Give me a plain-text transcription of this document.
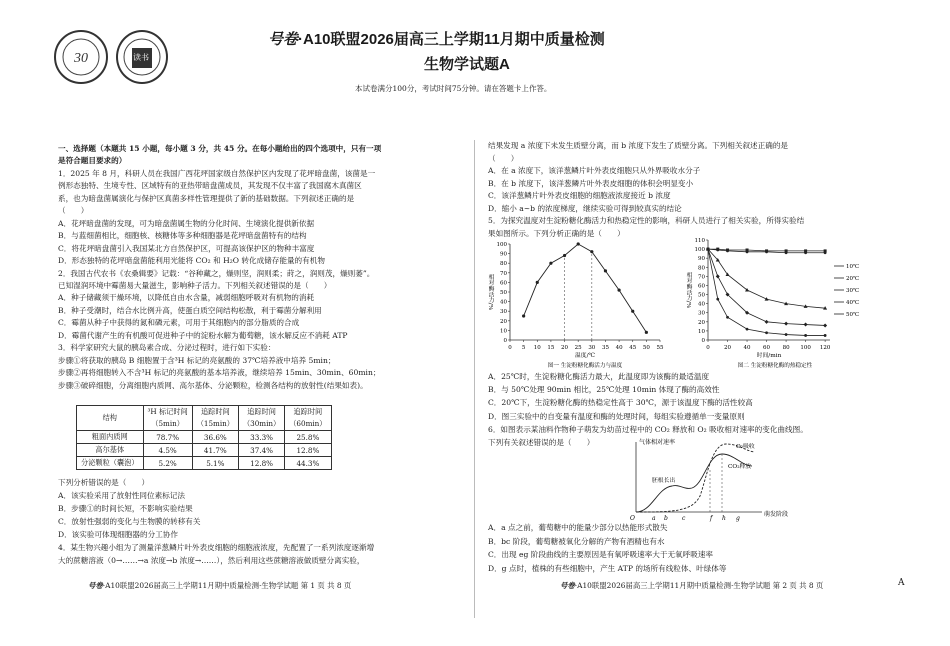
30	读书
号卷·A10联盟2026届高三上学期11月期中质量检测
生物学试题A
本试卷满分100分，考试时间75分钟。请在答题卡上作答。
一、选择题（本题共 15 小题，每小题 3 分，共 45 分。在每小题给出的四个选项中，只有一项
是符合题目要求的）
1．2025 年 8 月，科研人员在我国广西花坪国家级自然保护区内发现了花坪暗盘菌，该菌是一
例形态独特、生境专性、区域特有的亚热带暗盘菌成员，其发现不仅丰富了我国腐木真菌区
系，也为暗盘菌属演化与保护区真菌多样性管理提供了新的基础数据。下列叙述正确的是
（　　）
A．花坪暗盘菌的发现，可为暗盘菌属生物的分化时间、生境演化提供新依据
B．与蓝细菌相比，细胞核、核糖体等多种细胞器是花坪暗盘菌特有的结构
C．将花坪暗盘菌引入我国某北方自然保护区，可提高该保护区的物种丰富度
D．形态独特的花坪暗盘菌能利用光能将 CO₂ 和 H₂O 转化成储存能量的有机物
2．我国古代农书《农桑辑要》记载：“谷种藏之，燥则坚，润则柔；莳之，润则茂，燥则萎”。
已知湿润环境中霉菌易大量滋生，影响种子活力。下列相关叙述错误的是（　　）
A．种子储藏须干燥环境，以降低自由水含量，减弱细胞呼吸对有机物的消耗
B．种子受潮时，结合水比例升高，使蛋白质空间结构松散，利于霉菌分解利用
C．霉菌从种子中获得的氮和磷元素，可用于其细胞内的部分脂质的合成
D．霉菌代谢产生的有机酸可促进种子中的淀粉水解为葡萄糖，该水解反应不消耗 ATP
3．科学家研究大鼠的胰岛素合成、分泌过程时，进行如下实验：
步骤①将获取的胰岛 B 细胞置于含³H 标记的亮氨酸的 37℃培养液中培养 5min；
步骤②再将细胞转入不含³H 标记的亮氨酸的基本培养液，继续培养 15min、30min、60min；
步骤③破碎细胞，分离细胞内质网、高尔基体、分泌颗粒，检测各结构的放射性(结果如表)。
结构	³H 标记时间	追踪时间	追踪时间	追踪时间
	（5min）	（15min）	（30min）	（60min）
粗面内质网	78.7%	36.6%	33.3%	25.8%
高尔基体	4.5%	41.7%	37.4%	12.8%
分泌颗粒（囊泡）	5.2%	5.1%	12.8%	44.3%
下列分析错误的是（　　）
A．该实验采用了放射性同位素标记法
B．步骤①的时间长短，不影响实验结果
C．放射性强弱的变化与生物膜的转移有关
D．该实验可体现细胞器的分工协作
4．某生物兴趣小组为了测量洋葱鳞片叶外表皮细胞的细胞液浓度，先配置了一系列浓度逐渐增
大的蔗糖溶液（0→……→a 浓度→b 浓度→……），然后利用这些蔗糖溶液做质壁分离实验，
结果发现 a 浓度下未发生质壁分离，而 b 浓度下发生了质壁分离。下列相关叙述正确的是
（　　）
A．在 a 浓度下，该洋葱鳞片叶外表皮细胞只从外界吸收水分子
B．在 b 浓度下，该洋葱鳞片叶外表皮细胞的体积会明显变小
C．该洋葱鳞片叶外表皮细胞的细胞液浓度接近 b 浓度
D．缩小 a~b 的浓度梯度，继续实验可得到较真实的结论
5．为探究温度对生淀粉糖化酶活力和热稳定性的影响，科研人员进行了相关实验，所得实验结
果如图所示。下列分析正确的是（　　）
A．25℃时，生淀粉糖化酶活力最大，此温度即为该酶的最适温度
B．与 50℃处理 90min 相比，25℃处理 10min 体现了酶的高效性
C．20℃下，生淀粉糖化酶的热稳定性高于 30℃，源于该温度下酶的活性较高
D．图三实验中的自变量有温度和酶的处理时间，每组实验遵循单一变量原则
6．如图表示某油料作物种子萌发为幼苗过程中的 CO₂ 释放和 O₂ 吸收相对速率的变化曲线图。
下列有关叙述错误的是（　　）
A．a 点之前，葡萄糖中的能量少部分以热能形式散失
B．bc 阶段，葡萄糖被氧化分解的产物有酒精也有水
C．出现 eg 阶段曲线的主要原因是有氧呼吸速率大于无氧呼吸速率
D．g 点时，植株的有些细胞中，产生 ATP 的场所有线粒体、叶绿体等
0 5 10 15 20 25 30 35 40 45 50 55
0
10
20
30
40
50
60
70
80
90
100
温度/℃
相对酶活力/%
图一 生淀粉糖化酶活力与温度
0	20 40 60 80 100 120
0
10
20
30
40
50
60
70
80
90
100
110
10℃
20℃
30℃
40℃
50℃
时间/min
相对酶活力/%
图二 生淀粉糖化酶的热稳定性
气体相对速率
萌发阶段
O₂吸收
CO₂释放
胚根长出
O	a b c	f h g
号卷·A10联盟2026届高三上学期11月期中质量检测·生物学试题 第 1 页 共 8 页	号卷·A10联盟2026届高三上学期11月期中质量检测·生物学试题 第 2 页 共 8 页	A
